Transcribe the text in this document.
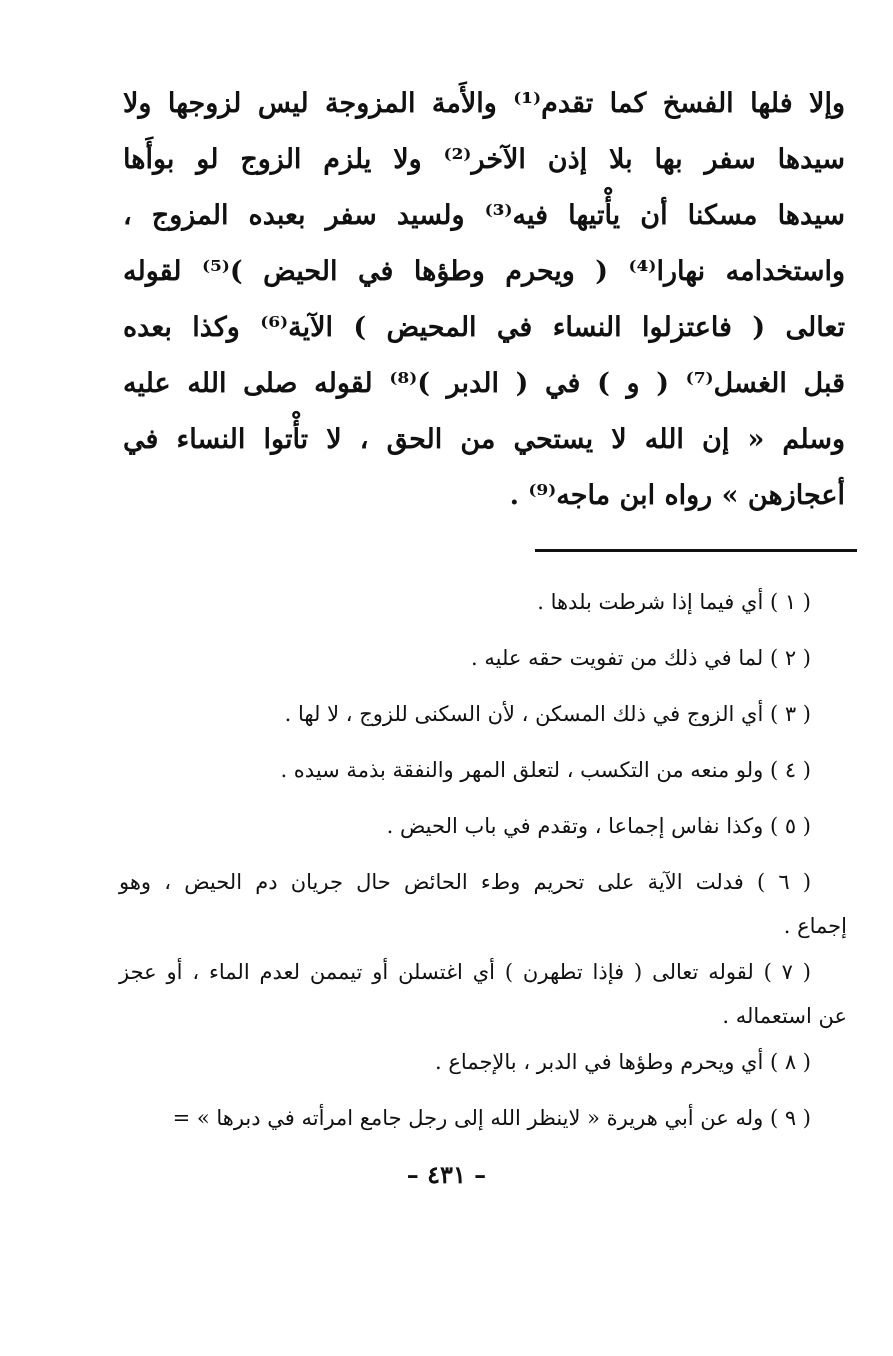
وإلا فلها الفسخ كما تقدم⁽¹⁾ والأَمة المزوجة ليس لزوجها ولا
سيدها سفر بها بلا إذن الآخر⁽²⁾ ولا يلزم الزوج لو بوأَها
سيدها مسكنا أن يأْتيها فيه⁽³⁾ ولسيد سفر بعبده المزوج ،
واستخدامه نهارا⁽⁴⁾ ( ويحرم وطؤها في الحيض )⁽⁵⁾ لقوله
تعالى ( فاعتزلوا النساء في المحيض ) الآية⁽⁶⁾ وكذا بعده
قبل الغسل⁽⁷⁾ ( و ) في ( الدبر )⁽⁸⁾ لقوله صلى الله عليه
وسلم « إن الله لا يستحي من الحق ، لا تأْتوا النساء في
أعجازهن » رواه ابن ماجه⁽⁹⁾ .
( ١ ) أي فيما إذا شرطت بلدها .
( ٢ ) لما في ذلك من تفويت حقه عليه .
( ٣ ) أي الزوج في ذلك المسكن ، لأن السكنى للزوج ، لا لها .
( ٤ ) ولو منعه من التكسب ، لتعلق المهر والنفقة بذمة سيده .
( ٥ ) وكذا نفاس إجماعا ، وتقدم في باب الحيض .
( ٦ ) فدلت الآية على تحريم وطء الحائض حال جريان دم الحيض ، وهو
إجماع .
( ٧ ) لقوله تعالى ( فإذا تطهرن ) أي اغتسلن أو تيممن لعدم الماء ، أو عجز
عن استعماله .
( ٨ ) أي ويحرم وطؤها في الدبر ، بالإجماع .
( ٩ ) وله عن أبي هريرة « لاينظر الله إلى رجل جامع امرأته في دبرها » =
– ٤٣١ –
